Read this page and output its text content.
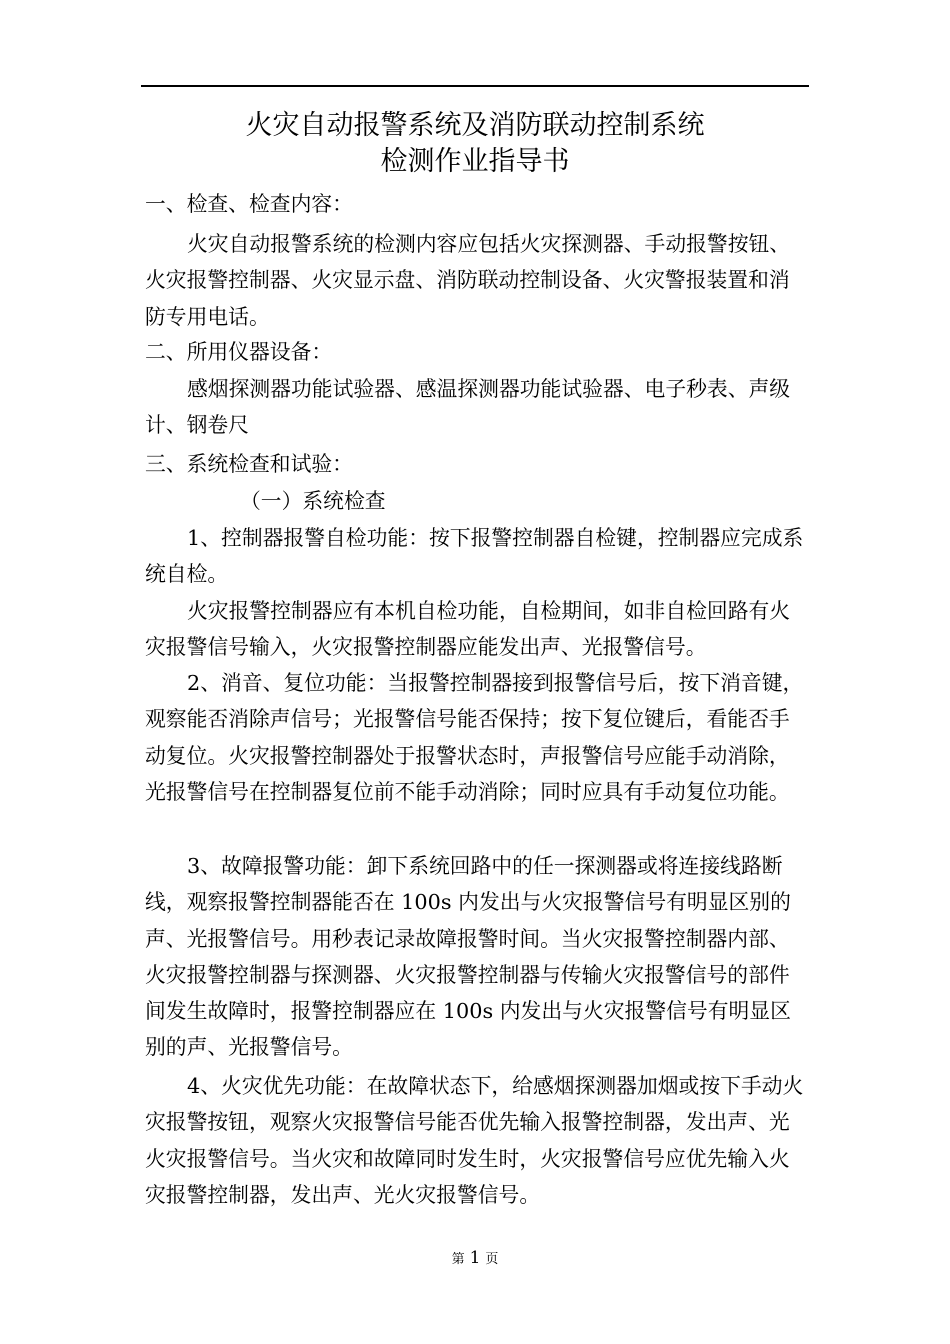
火灾自动报警系统及消防联动控制系统
检测作业指导书

一、检查、检查内容：

火灾自动报警系统的检测内容应包括火灾探测器、手动报警按钮、火灾报警控制器、火灾显示盘、消防联动控制设备、火灾警报装置和消防专用电话。

二、所用仪器设备：

感烟探测器功能试验器、感温探测器功能试验器、电子秒表、声级计、钢卷尺

三、系统检查和试验：

（一）系统检查

1、控制器报警自检功能：按下报警控制器自检键，控制器应完成系统自检。

火灾报警控制器应有本机自检功能，自检期间，如非自检回路有火灾报警信号输入，火灾报警控制器应能发出声、光报警信号。

2、消音、复位功能：当报警控制器接到报警信号后，按下消音键，观察能否消除声信号；光报警信号能否保持；按下复位键后，看能否手动复位。火灾报警控制器处于报警状态时，声报警信号应能手动消除，光报警信号在控制器复位前不能手动消除；同时应具有手动复位功能。

3、故障报警功能：卸下系统回路中的任一探测器或将连接线路断线，观察报警控制器能否在 100s 内发出与火灾报警信号有明显区别的声、光报警信号。用秒表记录故障报警时间。当火灾报警控制器内部、火灾报警控制器与探测器、火灾报警控制器与传输火灾报警信号的部件间发生故障时，报警控制器应在 100s 内发出与火灾报警信号有明显区别的声、光报警信号。

4、火灾优先功能：在故障状态下，给感烟探测器加烟或按下手动火灾报警按钮，观察火灾报警信号能否优先输入报警控制器，发出声、光火灾报警信号。当火灾和故障同时发生时，火灾报警信号应优先输入火灾报警控制器，发出声、光火灾报警信号。

第 1 页
